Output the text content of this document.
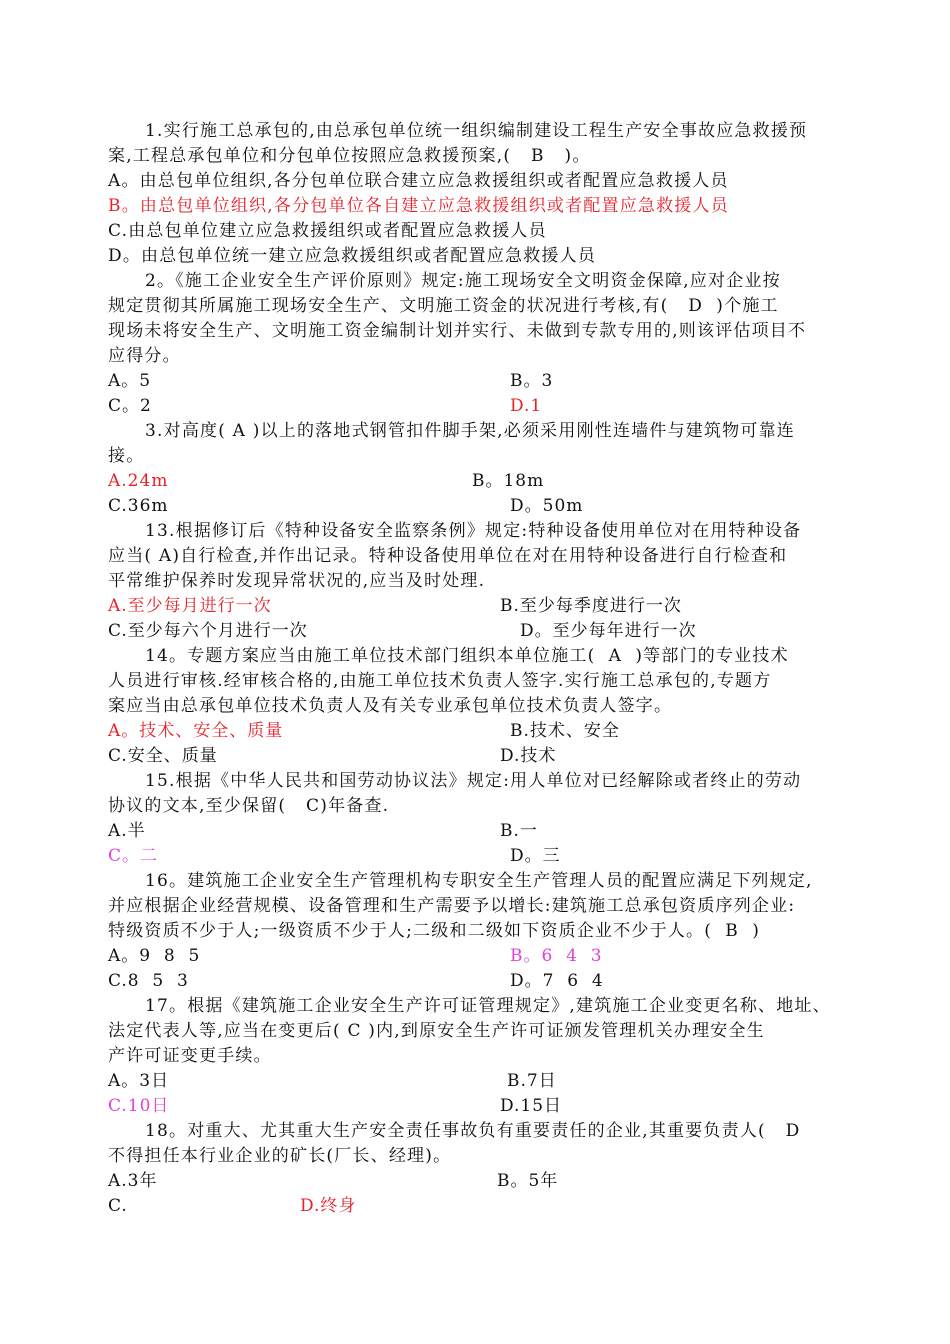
1.实行施工总承包的,由总承包单位统一组织编制建设工程生产安全事故应急救援预
案,工程总承包单位和分包单位按照应急救援预案,(   B   )。
A。由总包单位组织,各分包单位联合建立应急救援组织或者配置应急救援人员
B。由总包单位组织,各分包单位各自建立应急救援组织或者配置应急救援人员
C.由总包单位建立应急救援组织或者配置应急救援人员
D。由总包单位统一建立应急救援组织或者配置应急救援人员
2。《施工企业安全生产评价原则》规定:施工现场安全文明资金保障,应对企业按
规定贯彻其所属施工现场安全生产、文明施工资金的状况进行考核,有(   D  )个施工
现场未将安全生产、文明施工资金编制计划并实行、未做到专款专用的,则该评估项目不
应得分。
A。5	B。3
C。2	D.1
3.对高度( A )以上的落地式钢管扣件脚手架,必须采用刚性连墙件与建筑物可靠连
接。
A.24m	B。18m
C.36m	D。50m
13.根据修订后《特种设备安全监察条例》规定:特种设备使用单位对在用特种设备
应当( A)自行检查,并作出记录。特种设备使用单位在对在用特种设备进行自行检查和
平常维护保养时发现异常状况的,应当及时处理.
A.至少每月进行一次	B.至少每季度进行一次
C.至少每六个月进行一次	D。至少每年进行一次
14。专题方案应当由施工单位技术部门组织本单位施工(  A  )等部门的专业技术
人员进行审核.经审核合格的,由施工单位技术负责人签字.实行施工总承包的,专题方
案应当由总承包单位技术负责人及有关专业承包单位技术负责人签字。
A。技术、安全、质量	B.技术、安全
C.安全、质量	D.技术
15.根据《中华人民共和国劳动协议法》规定:用人单位对已经解除或者终止的劳动
协议的文本,至少保留(   C)年备查.
A.半	B.一
C。二	D。三
16。建筑施工企业安全生产管理机构专职安全生产管理人员的配置应满足下列规定,
并应根据企业经营规模、设备管理和生产需要予以增长:建筑施工总承包资质序列企业:
特级资质不少于人;一级资质不少于人;二级和二级如下资质企业不少于人。(  B  )
A。9  8  5	B。6  4  3
C.8  5  3	D。7  6  4
17。根据《建筑施工企业安全生产许可证管理规定》,建筑施工企业变更名称、地址、
法定代表人等,应当在变更后( C )内,到原安全生产许可证颁发管理机关办理安全生
产许可证变更手续。
A。3日	B.7日
C.10日	D.15日
18。对重大、尤其重大生产安全责任事故负有重要责任的企业,其重要负责人(   D
不得担任本行业企业的矿长(厂长、经理)。
A.3年	B。5年
C.	D.终身
